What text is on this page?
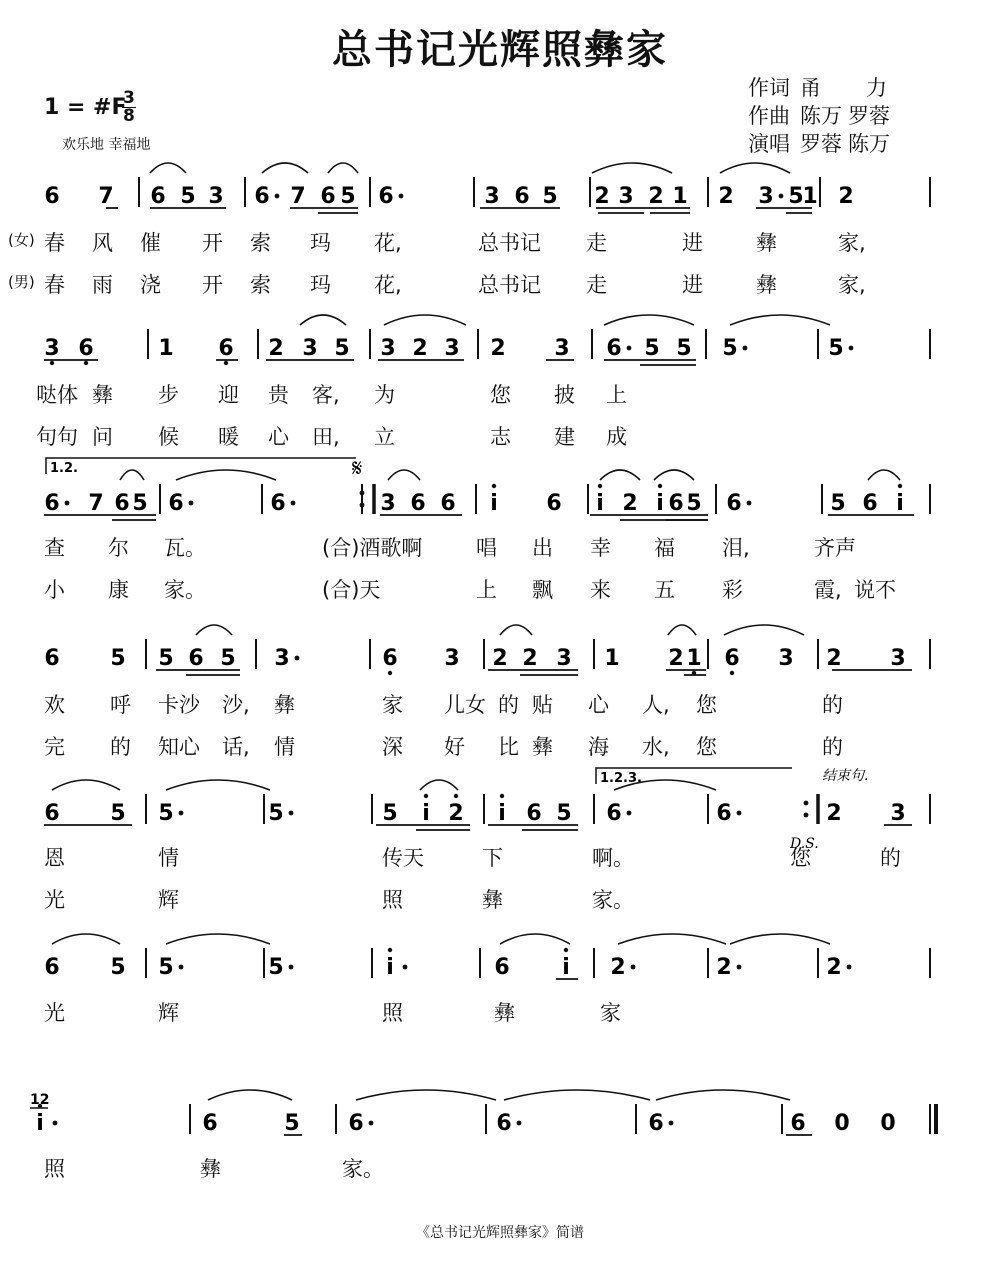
总书记光辉照彝家
作词 甬 力
作曲 陈万 罗蓉
演唱 罗蓉 陈万
1 = #F
3
8
欢乐地 幸福地
6 7 6 5 3 6 7 6 5 6	3 6 5 2 3 2 1 2 3 5
1 2
3 6	1 6 2 3 5 3 2 3 2 3 6 5 5 5	5
6 7 6 5 6	6	3 6 6 i 6 i 2 i 6 5 6	5 6 i
6 5 5 6 5 3	6 3 2 2 3 1 2 1 6 3 2 3
6 5 5	5	5 i 2 i 6 5 6	6	2 3
6 5 5	5	i	6 i 2	2	2
i	6	5 6	6	6	6 0 0
1.2.
1.2.3.
𝄋
结束句.
D.S.
12
(女) 春 风 催 开 索 玛 花,	总书记 走	进	彝	家,
(男) 春 雨 浇 开 索 玛 花,	总书记 走	进	彝	家,
哒体 彝 步 迎 贵 客, 为	您 披 上
句句 问 候 暖 心 田, 立	志 建 成
查 尔 瓦。	(合)酒歌啊	唱 出 幸 福 泪,	齐声
小 康 家。	(合)天	上 飘 来 五 彩	霞, 说不
欢 呼 卡沙 沙, 彝	家 儿女 的 贴 心 人, 您	的
完 的 知心 话, 情	深 好 比 彝 海 水, 您	的
恩	情	传天	下	啊。	您	的
光	辉	照	彝	家。
光	辉	照	彝	家
照	彝	家。
《总书记光辉照彝家》简谱
